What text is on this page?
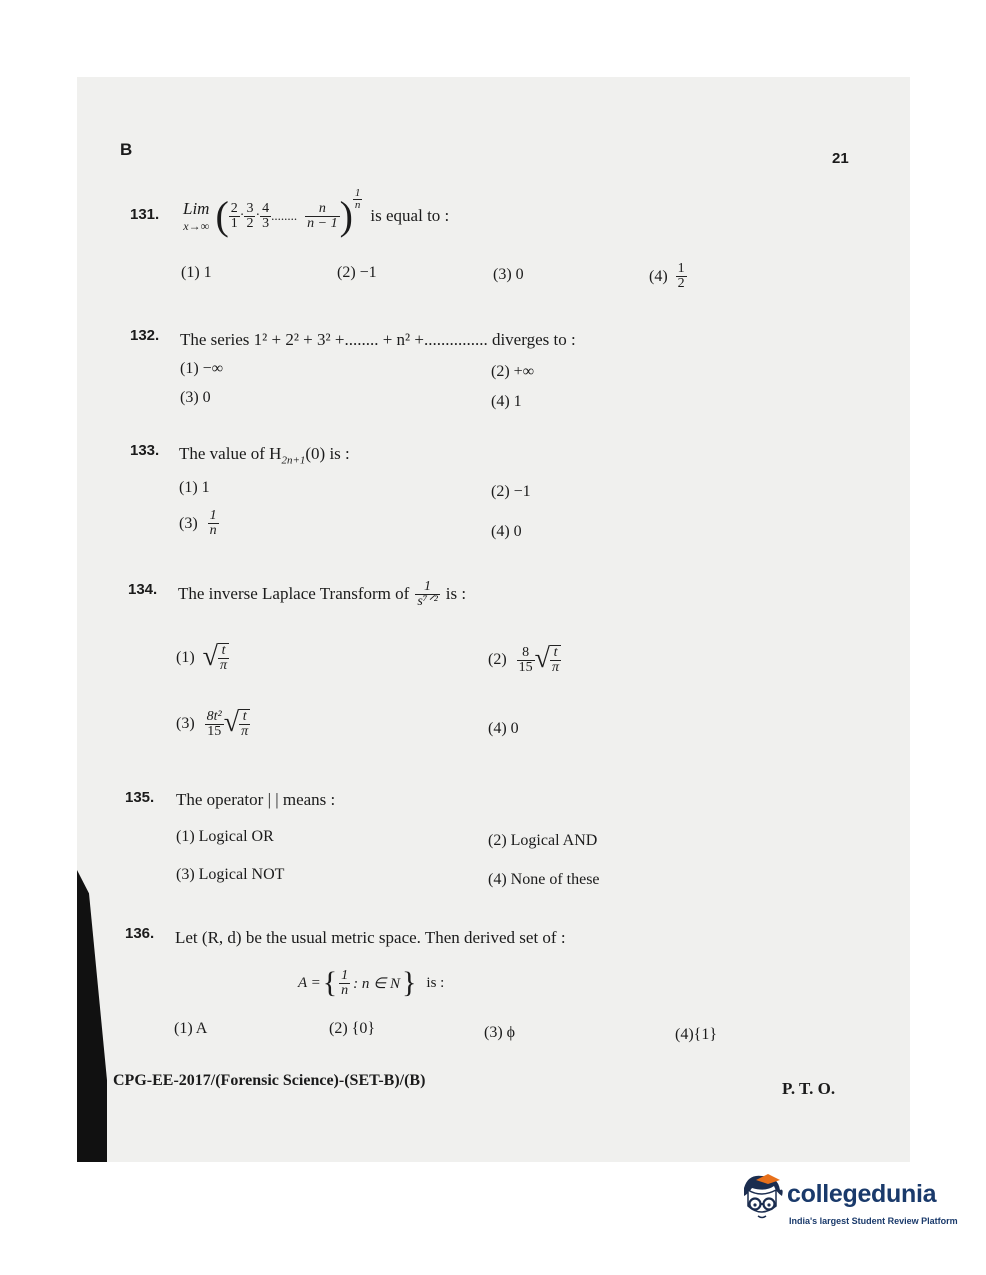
B	21
131. Lim
x→∞ ( $\frac{2}{1} \cdot \frac{3}{2} \cdot \frac{4}{3}$ ........ $\frac{n}{n - 1}$ ) $\frac{1}{n}$
is equal to :
(1) 1	(2) −1	(3) 0	$(4) \frac{1}{2}$
132. The series 1² + 2² + 3² +........ + n² +............... diverges to :
(1) −∞	(2) +∞
(3) 0	(4) 1
133. The value of $H_{2n+1}(0)$ is :
(1) 1	(2) −1
$(3) \frac{1}{n}$	(4) 0
134. The inverse Laplace Transform of $\frac{1}{\text{s⁷ᐟ²}}$ is :
(1) √ $\frac{t}{\pi}$	$(2) \frac{8}{15}$ √ $\frac{t}{\pi}$
$(3) \frac{\text{8t²}}{15}$ √ $\frac{t}{\pi}$	(4) 0
135. The operator | | means :
(1) Logical OR	(2) Logical AND
(3) Logical NOT	(4) None of these
136. Let (R, d) be the usual metric space. Then derived set of :
A = { $\frac{1}{n}$ : n ∈ N } is :
(1) A	(2) {0}	(3) ϕ	(4){1}
CPG-EE-2017/(Forensic Science)-(SET-B)/(B)	P. T. O.
collegedunia
India's largest Student Review Platform
